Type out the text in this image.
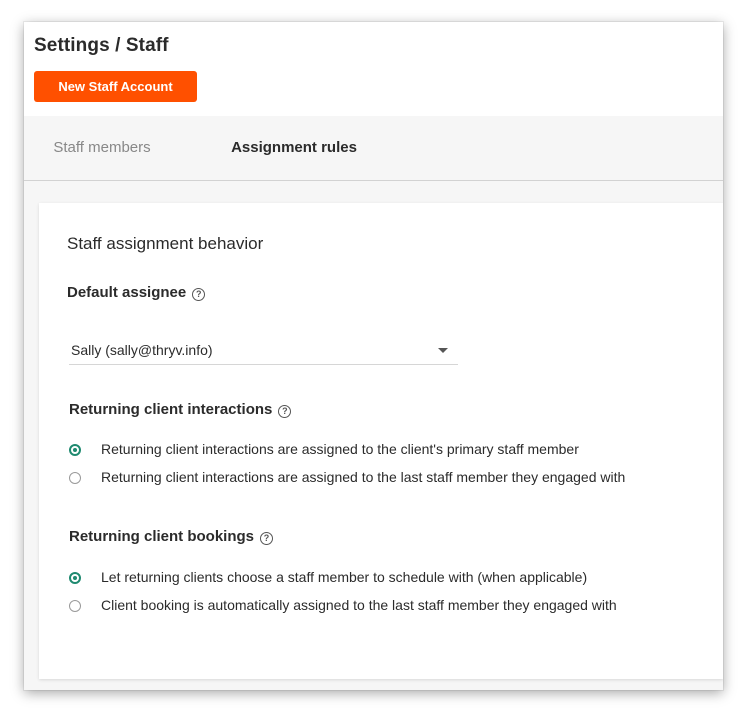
Settings / Staff
New Staff Account
Staff members	Assignment rules
Staff assignment behavior
Default assignee ?
Sally (sally@thryv.info)
Returning client interactions ?
Returning client interactions are assigned to the client's primary staff member
Returning client interactions are assigned to the last staff member they engaged with
Returning client bookings ?
Let returning clients choose a staff member to schedule with (when applicable)
Client booking is automatically assigned to the last staff member they engaged with
